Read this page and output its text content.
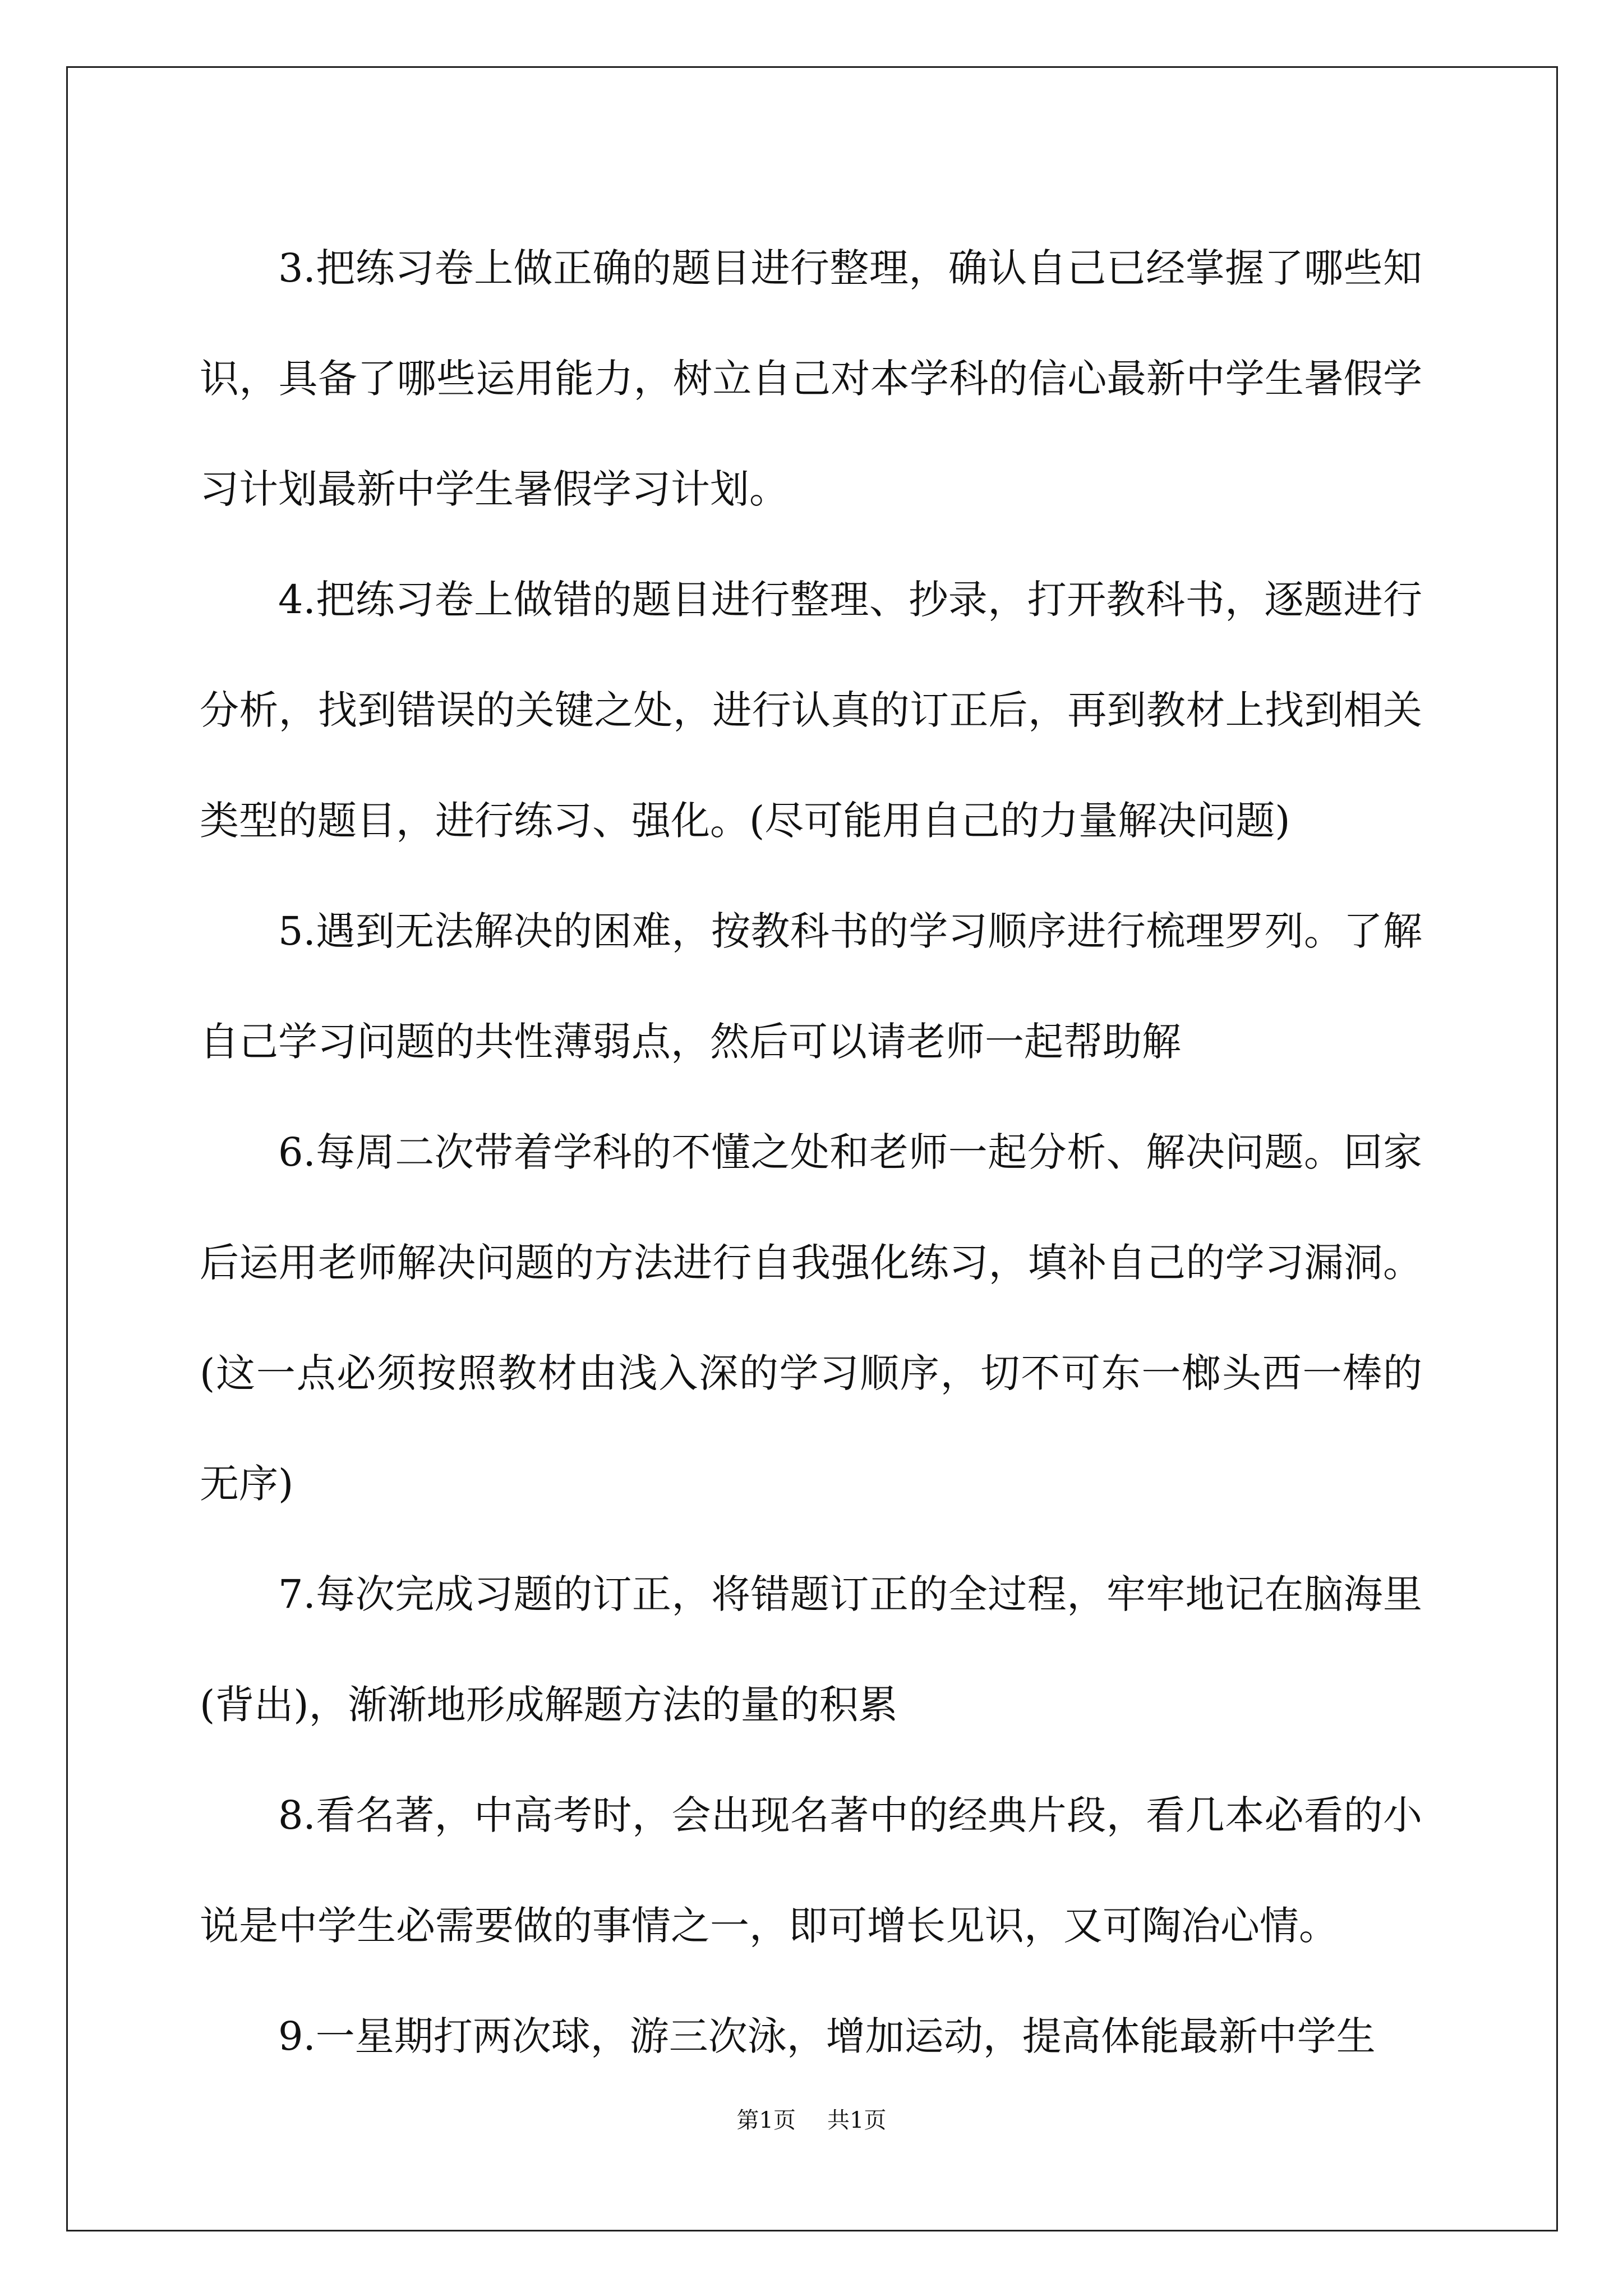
3.把练习卷上做正确的题目进行整理，确认自己已经掌握了哪些知识，具备了哪些运用能力，树立自己对本学科的信心最新中学生暑假学习计划最新中学生暑假学习计划。

4.把练习卷上做错的题目进行整理、抄录，打开教科书，逐题进行分析，找到错误的关键之处，进行认真的订正后，再到教材上找到相关类型的题目，进行练习、强化。(尽可能用自己的力量解决问题)

5.遇到无法解决的困难，按教科书的学习顺序进行梳理罗列。了解自己学习问题的共性薄弱点，然后可以请老师一起帮助解

6.每周二次带着学科的不懂之处和老师一起分析、解决问题。回家后运用老师解决问题的方法进行自我强化练习，填补自己的学习漏洞。(这一点必须按照教材由浅入深的学习顺序，切不可东一榔头西一棒的无序)

7.每次完成习题的订正，将错题订正的全过程，牢牢地记在脑海里(背出)，渐渐地形成解题方法的量的积累

8.看名著，中高考时，会出现名著中的经典片段，看几本必看的小说是中学生必需要做的事情之一，即可增长见识，又可陶冶心情。

9.一星期打两次球，游三次泳，增加运动，提高体能最新中学生

第1页 共1页
